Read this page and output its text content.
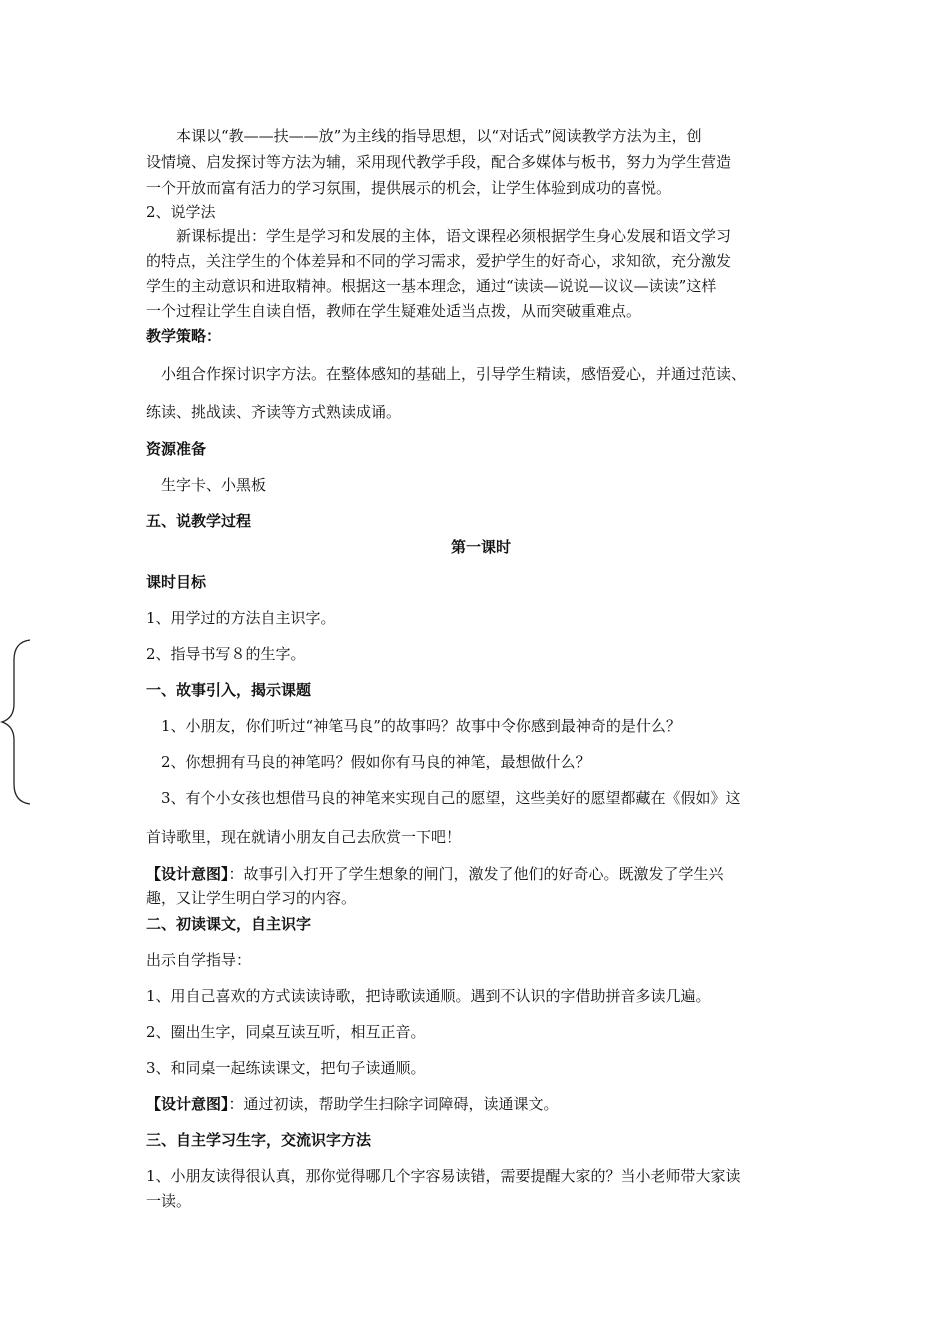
　　本课以“教——扶——放”为主线的指导思想，以“对话式”阅读教学方法为主，创
设情境、启发探讨等方法为辅，采用现代教学手段，配合多媒体与板书，努力为学生营造
一个开放而富有活力的学习氛围，提供展示的机会，让学生体验到成功的喜悦。
2、说学法
　　新课标提出：学生是学习和发展的主体，语文课程必须根据学生身心发展和语文学习
的特点，关注学生的个体差异和不同的学习需求，爱护学生的好奇心，求知欲，充分激发
学生的主动意识和进取精神。根据这一基本理念，通过“读读—说说—议议—读读”这样
一个过程让学生自读自悟，教师在学生疑难处适当点拨，从而突破重难点。
教学策略：
　小组合作探讨识字方法。在整体感知的基础上，引导学生精读，感悟爱心，并通过范读、
练读、挑战读、齐读等方式熟读成诵。
资源准备
　生字卡、小黑板
五、说教学过程
第一课时
课时目标
1、用学过的方法自主识字。
2、指导书写８的生字。
一、故事引入，揭示课题
　1、小朋友，你们听过“神笔马良”的故事吗？故事中令你感到最神奇的是什么？
　2、你想拥有马良的神笔吗？假如你有马良的神笔，最想做什么？
　3、有个小女孩也想借马良的神笔来实现自己的愿望，这些美好的愿望都藏在《假如》这
首诗歌里，现在就请小朋友自己去欣赏一下吧！
【设计意图】：故事引入打开了学生想象的闸门，激发了他们的好奇心。既激发了学生兴
趣，又让学生明白学习的内容。
二、初读课文，自主识字
出示自学指导：
1、用自己喜欢的方式读读诗歌，把诗歌读通顺。遇到不认识的字借助拼音多读几遍。
2、圈出生字，同桌互读互听，相互正音。
3、和同桌一起练读课文，把句子读通顺。
【设计意图】：通过初读，帮助学生扫除字词障碍，读通课文。
三、自主学习生字，交流识字方法
1、小朋友读得很认真，那你觉得哪几个字容易读错，需要提醒大家的？当小老师带大家读
一读。
